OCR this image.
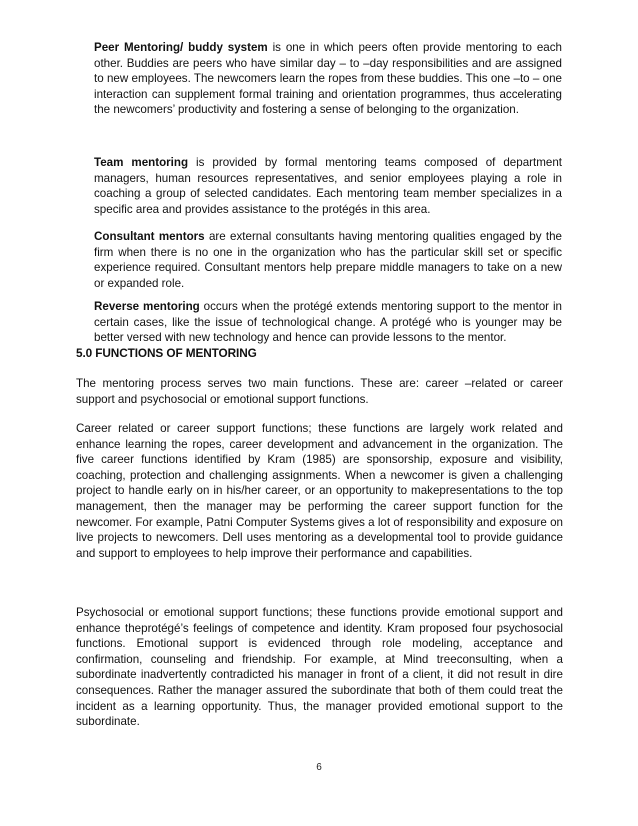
Peer Mentoring/ buddy system is one in which peers often provide mentoring to each other. Buddies are peers who have similar day – to –day responsibilities and are assigned to new employees. The newcomers learn the ropes from these buddies. This one –to – one interaction can supplement formal training and orientation programmes, thus accelerating the newcomers’ productivity and fostering a sense of belonging to the organization.

Team mentoring is provided by formal mentoring teams composed of department managers, human resources representatives, and senior employees playing a role in coaching a group of selected candidates. Each mentoring team member specializes in a specific area and provides assistance to the protégés in this area.

Consultant mentors are external consultants having mentoring qualities engaged by the firm when there is no one in the organization who has the particular skill set or specific experience required. Consultant mentors help prepare middle managers to take on a new or expanded role.

Reverse mentoring occurs when the protégé extends mentoring support to the mentor in certain cases, like the issue of technological change. A protégé who is younger may be better versed with new technology and hence can provide lessons to the mentor.

5.0 FUNCTIONS OF MENTORING

The mentoring process serves two main functions. These are: career –related or career support and psychosocial or emotional support functions.

Career related or career support functions; these functions are largely work related and enhance learning the ropes, career development and advancement in the organization. The five career functions identified by Kram (1985) are sponsorship, exposure and visibility, coaching, protection and challenging assignments. When a newcomer is given a challenging project to handle early on in his/her career, or an opportunity to makepresentations to the top management, then the manager may be performing the career support function for the newcomer. For example, Patni Computer Systems gives a lot of responsibility and exposure on live projects to newcomers. Dell uses mentoring as a developmental tool to provide guidance and support to employees to help improve their performance and capabilities.

Psychosocial or emotional support functions; these functions provide emotional support and enhance theprotégé’s feelings of competence and identity. Kram proposed four psychosocial functions. Emotional support is evidenced through role modeling, acceptance and confirmation, counseling and friendship. For example, at Mind treeconsulting, when a subordinate inadvertently contradicted his manager in front of a client, it did not result in dire consequences. Rather the manager assured the subordinate that both of them could treat the incident as a learning opportunity. Thus, the manager provided emotional support to the subordinate.

6
